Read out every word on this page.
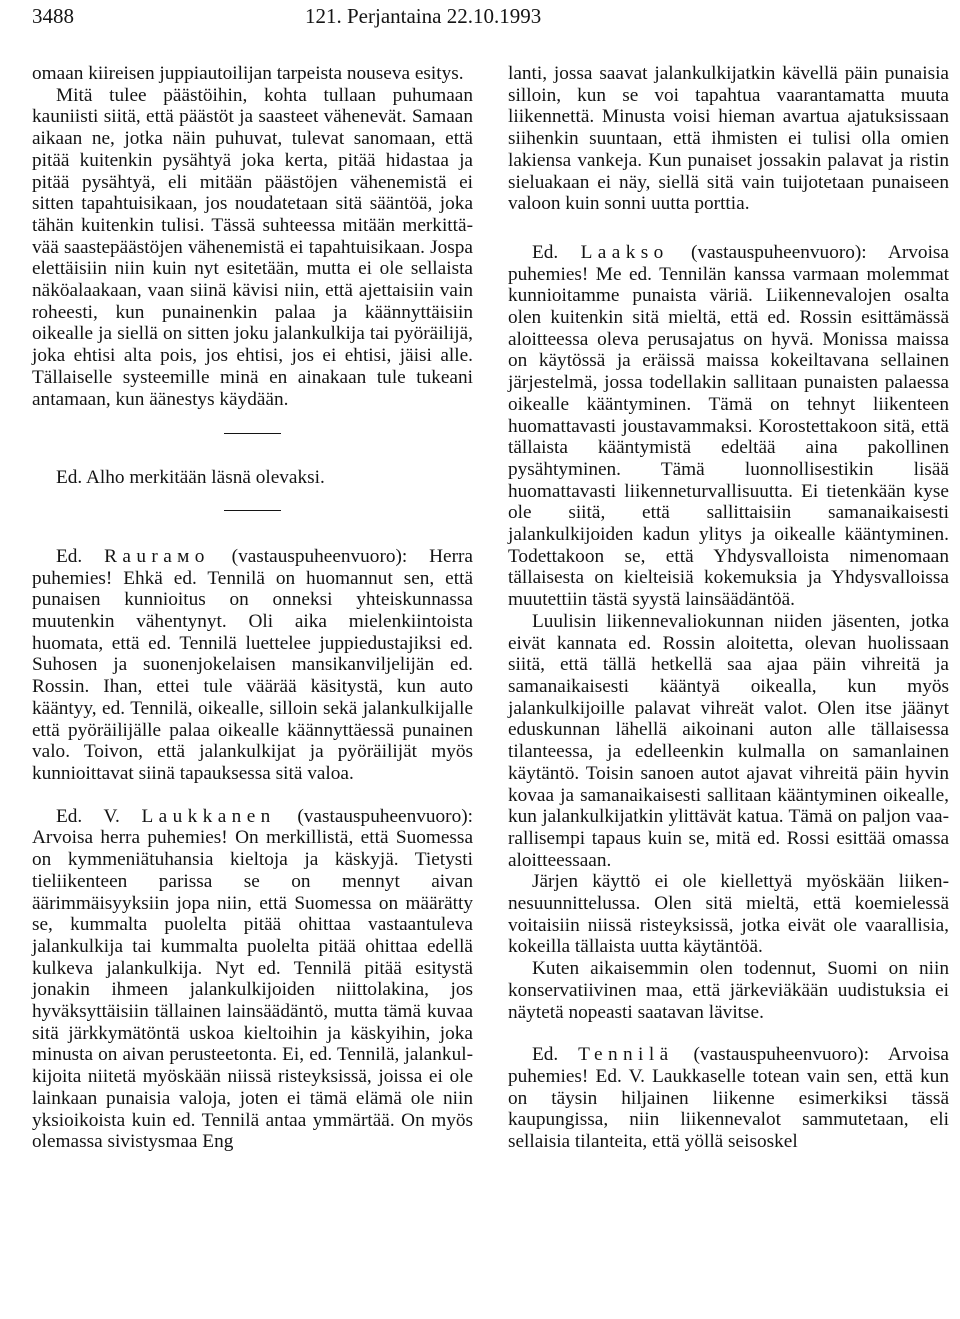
3488	121. Perjantaina 22.10.1993

omaan kiireisen juppiautoilijan tarpeista nouseva esitys.

Mitä tulee päästöihin, kohta tullaan puhumaan kauniisti siitä, että päästöt ja saasteet vähenevät. Samaan aikaan ne, jotka näin puhuvat, tulevat sanomaan, että pitää kuitenkin pysähtyä joka kerta, pitää hidastaa ja pitää pysähtyä, eli mitään päästöjen vähenemistä ei sitten tapahtuisikaan, jos noudatetaan sitä sääntöä, joka tähän kuitenkin tulisi. Tässä suhteessa mitään merkittävää saastepäästöjen vähenemistä ei tapahtuisikaan. Jospa elettäisiin niin kuin nyt esitetään, mutta ei ole sellaista näköalaakaan, vaan siinä kävisi niin, että ajettaisiin vain roheesti, kun punainenkin palaa ja käännyttäisiin oikealle ja siellä on sitten joku jalankulkija tai pyöräilijä, joka ehtisi alta pois, jos ehtisi, jos ei ehtisi, jäisi alle. Tällaiselle systeemille minä en ainakaan tule tukeani antamaan, kun äänestys käydään.

Ed. Alho merkitään läsnä olevaksi.

Ed. Raurамо (vastauspuheenvuoro): Herra puhemies! Ehkä ed. Tennilä on huomannut sen, että punaisen kunnioitus on onneksi yhteiskunnassa muutenkin vähentynyt. Oli aika mielenkiintoista huomata, että ed. Tennilä luettelee juppiedustajiksi ed. Suhosen ja suonenjokelaisen mansikanviljelijän ed. Rossin. Ihan, ettei tule väärää käsitystä, kun auto kääntyy, ed. Tennilä, oikealle, silloin sekä jalankulkijalle että pyöräilijälle palaa oikealle käännyttäessä punainen valo. Toivon, että jalankulkijat ja pyöräilijät myös kunnioittavat siinä tapauksessa sitä valoa.

Ed. V. Laukkanen (vastauspuheenvuoro): Arvoisa herra puhemies! On merkillistä, että Suomessa on kymmeniätuhansia kieltoja ja käskyjä. Tietysti tieliikenteen parissa se on mennyt aivan äärimmäisyyksiin jopa niin, että Suomessa on määrätty se, kummalta puolelta pitää ohittaa vastaantuleva jalankulkija tai kummalta puolelta pitää ohittaa edellä kulkeva jalankulkija. Nyt ed. Tennilä pitää esitystä jonakin ihmeen jalankulkijoiden niittolakina, jos hyväksyttäisiin tällainen lainsäädäntö, mutta tämä kuvaa sitä järkkymätöntä uskoa kieltoihin ja käskyihin, joka minusta on aivan perusteetonta. Ei, ed. Tennilä, jalankulkijoita niitetä myöskään niissä risteyksissä, joissa ei ole lainkaan punaisia valoja, joten ei tämä elämä ole niin yksioikoista kuin ed. Tennilä antaa ymmärtää. On myös olemassa sivistysmaa Eng

lanti, jossa saavat jalankulkijatkin kävellä päin punaisia silloin, kun se voi tapahtua vaarantamatta muuta liikennettä. Minusta voisi hieman avartua ajatuksissaan siihenkin suuntaan, että ihmisten ei tulisi olla omien lakiensa vankeja. Kun punaiset jossakin palavat ja ristin sieluakaan ei näy, siellä sitä vain tuijotetaan punaiseen valoon kuin sonni uutta porttia.

Ed. Laakso (vastauspuheenvuoro): Arvoisa puhemies! Me ed. Tennilän kanssa varmaan molemmat kunnioitamme punaista väriä. Liikennevalojen osalta olen kuitenkin sitä mieltä, että ed. Rossin esittämässä aloitteessa oleva perusajatus on hyvä. Monissa maissa on käytössä ja eräissä maissa kokeiltavana sellainen järjestelmä, jossa todellakin sallitaan punaisten palaessa oikealle kääntyminen. Tämä on tehnyt liikenteen huomattavasti joustavammaksi. Korostettakoon sitä, että tällaista kääntymistä edeltää aina pakollinen pysähtyminen. Tämä luonnollisestikin lisää huomattavasti liikenneturvallisuutta. Ei tietenkään kyse ole siitä, että sallittaisiin samanaikaisesti jalankulkijoiden kadun ylitys ja oikealle kääntyminen. Todettakoon se, että Yhdysvalloista nimenomaan tällaisesta on kielteisiä kokemuksia ja Yhdysvalloissa muutettiin tästä syystä lainsäädäntöä.

Luulisin liikennevaliokunnan niiden jäsenten, jotka eivät kannata ed. Rossin aloitetta, olevan huolissaan siitä, että tällä hetkellä saa ajaa päin vihreitä ja samanaikaisesti kääntyä oikealla, kun myös jalankulkijoille palavat vihreät valot. Olen itse jäänyt eduskunnan lähellä aikoinani auton alle tällaisessa tilanteessa, ja edelleenkin kulmalla on samanlainen käytäntö. Toisin sanoen autot ajavat vihreitä päin hyvin kovaa ja samanaikaisesti sallitaan kääntyminen oikealle, kun jalankulkijatkin ylittävät katua. Tämä on paljon vaarallisempi tapaus kuin se, mitä ed. Rossi esittää omassa aloitteessaan.

Järjen käyttö ei ole kiellettyä myöskään liikennesuunnittelussa. Olen sitä mieltä, että koemielessä voitaisiin niissä risteyksissä, jotka eivät ole vaarallisia, kokeilla tällaista uutta käytäntöä.

Kuten aikaisemmin olen todennut, Suomi on niin konservatiivinen maa, että järkeviäkään uudistuksia ei näytetä nopeasti saatavan lävitse.

Ed. Tennilä (vastauspuheenvuoro): Arvoisa puhemies! Ed. V. Laukkaselle totean vain sen, että kun on täysin hiljainen liikenne esimerkiksi tässä kaupungissa, niin liikennevalot sammutetaan, eli sellaisia tilanteita, että yöllä seisoskel
